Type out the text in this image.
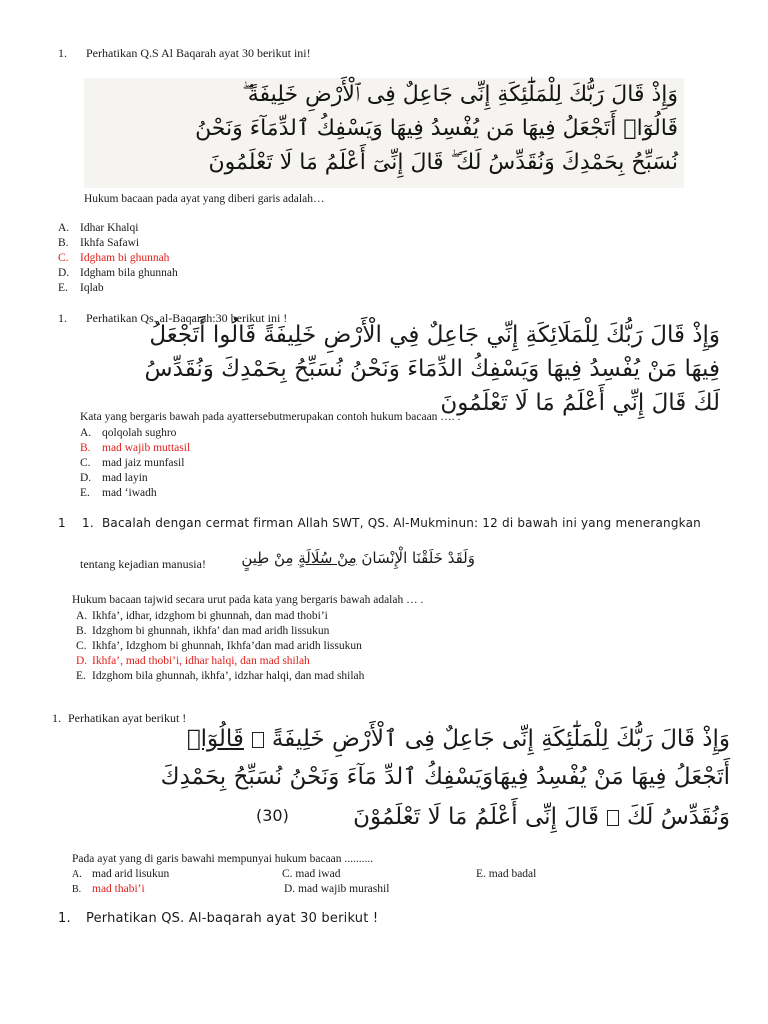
1. Perhatikan Q.S Al Baqarah ayat 30 berikut ini!
وَإِذْ قَالَ رَبُّكَ لِلْمَلَٰٓئِكَةِ إِنِّى جَاعِلٌ فِى ٱلْأَرْضِ خَلِيفَةً ۖ
قَالُوٓا۟ أَتَجْعَلُ فِيهَا مَن يُفْسِدُ فِيهَا وَيَسْفِكُ ٱلدِّمَآءَ وَنَحْنُ
نُسَبِّحُ بِحَمْدِكَ وَنُقَدِّسُ لَكَ ۖ قَالَ إِنِّىٓ أَعْلَمُ مَا لَا تَعْلَمُونَ
Hukum bacaan pada ayat yang diberi garis adalah…
A. Idhar Khalqi
B. Ikhfa Safawi
C. Idgham bi ghunnah
D. Idgham bila ghunnah
E. Iqlab
1. Perhatikan Qs. al-Baqarah:30 berikut ini !
وَإِذْ قَالَ رَبُّكَ لِلْمَلَائِكَةِ إِنِّي جَاعِلٌ فِي الْأَرْضِ خَلِيفَةً قَالُوا أَتَجْعَلُ
فِيهَا مَنْ يُفْسِدُ فِيهَا وَيَسْفِكُ الدِّمَاءَ وَنَحْنُ نُسَبِّحُ بِحَمْدِكَ وَنُقَدِّسُ
لَكَ قَالَ إِنِّي أَعْلَمُ مَا لَا تَعْلَمُونَ
Kata yang bergaris bawah pada ayattersebutmerupakan contoh hukum bacaan …. .
A. qolqolah sughro
B. mad wajib muttasil
C. mad jaiz munfasil
D. mad layin
E. mad ‘iwadh
1 1. Bacalah dengan cermat firman Allah SWT, QS. Al-Mukminun: 12 di bawah ini yang menerangkan
tentang kejadian manusia!	وَلَقَدْ خَلَقْنَا الْإِنْسَانَ مِنْ سُلَالَةٍ مِنْ طِينٍ
Hukum bacaan tajwid secara urut pada kata yang bergaris bawah adalah … .
A. Ikhfa’, idhar, idzghom bi ghunnah, dan mad thobi’i
B. Idzghom bi ghunnah, ikhfa’ dan mad aridh lissukun
C. Ikhfa’, Idzghom bi ghunnah, Ikhfa’dan mad aridh lissukun
D. Ikhfa’, mad thobi’i, idhar halqi, dan mad shilah
E. Idzghom bila ghunnah, ikhfa’, idzhar halqi, dan mad shilah
1. Perhatikan ayat berikut !
وَإِذْ قَالَ رَبُّكَ لِلْمَلَٰٓئِكَةِ إِنِّى جَاعِلٌ فِى ٱلْأَرْضِ خَلِيفَةًقَالُوٓا۟
أَتَجْعَلُ فِيهَا مَنْ يُفْسِدُ فِيهَاوَيَسْفِكُ ٱلدِّ مَآءَ وَنَحْنُ نُسَبِّحُ بِحَمْدِكَ
وَنُقَدِّسُ لَكَقَالَ إِنِّى أَعْلَمُ مَا لَا تَعْلَمُوْنَ
(30)
Pada ayat yang di garis bawahi mempunyai hukum bacaan ..........
A. mad arid lisukun
B. mad thabi’i
C. mad iwad
D. mad wajib murashil
E. mad badal
1. Perhatikan QS. Al-baqarah ayat 30 berikut !
